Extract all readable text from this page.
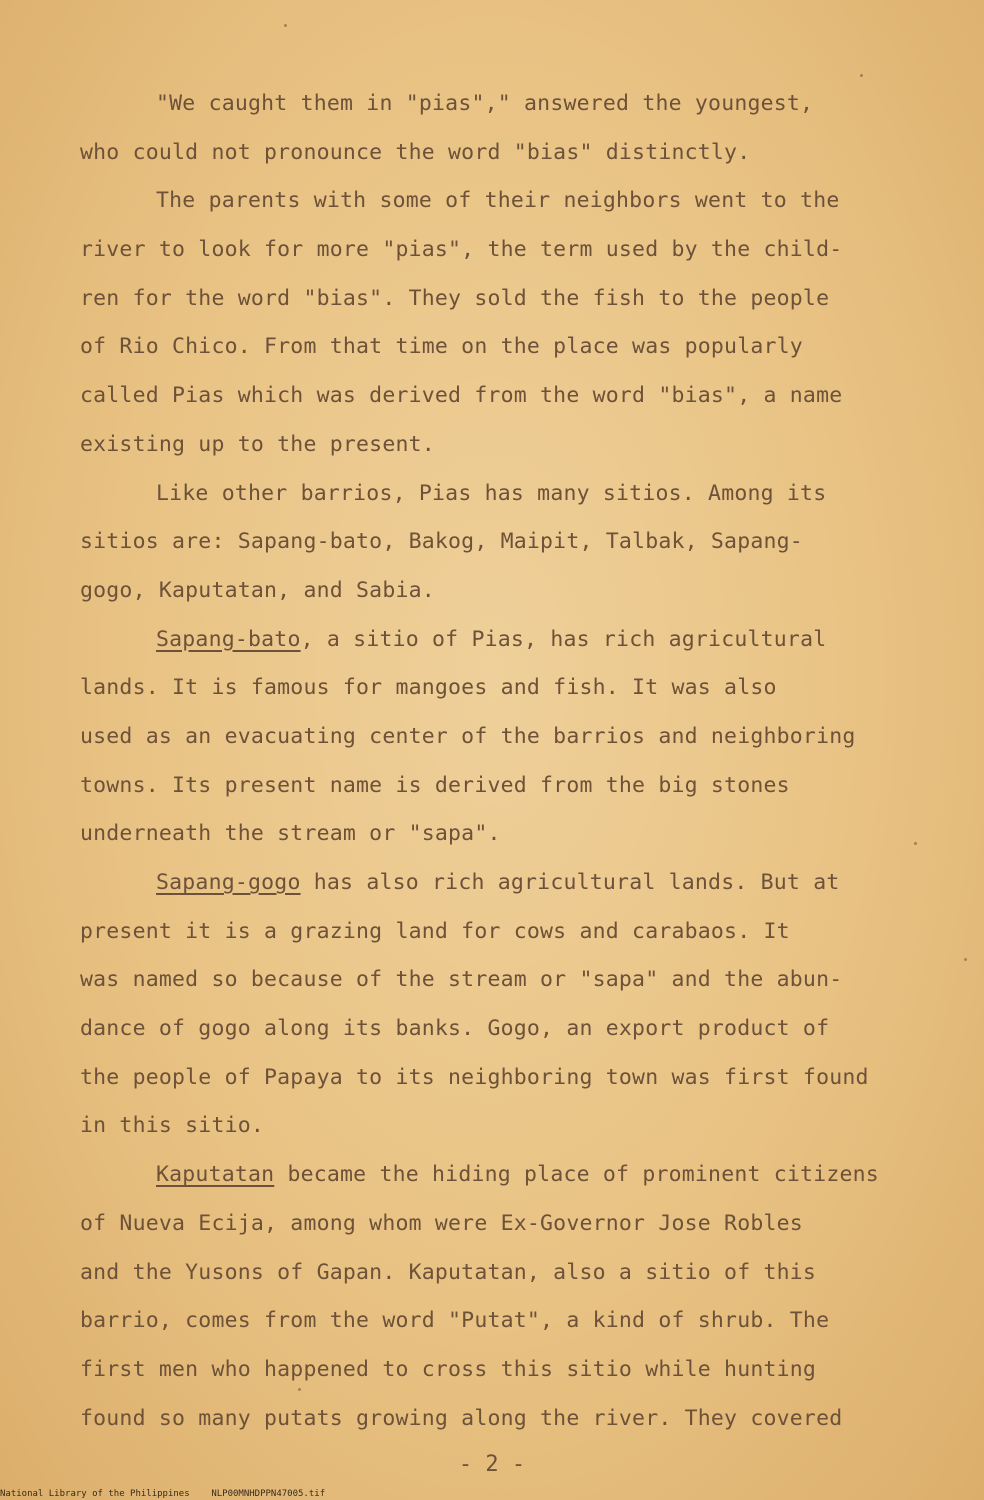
"We caught them in "pias"," answered the youngest,
who could not pronounce the word "bias" distinctly.
The parents with some of their neighbors went to the
river to look for more "pias", the term used by the child-
ren for the word "bias". They sold the fish to the people
of Rio Chico. From that time on the place was popularly
called Pias which was derived from the word "bias", a name
existing up to the present.
Like other barrios, Pias has many sitios. Among its
sitios are: Sapang-bato, Bakog, Maipit, Talbak, Sapang-
gogo, Kaputatan, and Sabia.
Sapang-bato, a sitio of Pias, has rich agricultural
lands. It is famous for mangoes and fish. It was also
used as an evacuating center of the barrios and neighboring
towns. Its present name is derived from the big stones
underneath the stream or "sapa".
Sapang-gogo has also rich agricultural lands. But at
present it is a grazing land for cows and carabaos. It
was named so because of the stream or "sapa" and the abun-
dance of gogo along its banks. Gogo, an export product of
the people of Papaya to its neighboring town was first found
in this sitio.
Kaputatan became the hiding place of prominent citizens
of Nueva Ecija, among whom were Ex-Governor Jose Robles
and the Yusons of Gapan. Kaputatan, also a sitio of this
barrio, comes from the word "Putat", a kind of shrub. The
first men who happened to cross this sitio while hunting
found so many putats growing along the river. They covered
- 2 -
National Library of the Philippines    NLP00MNHDPPN47005.tif
